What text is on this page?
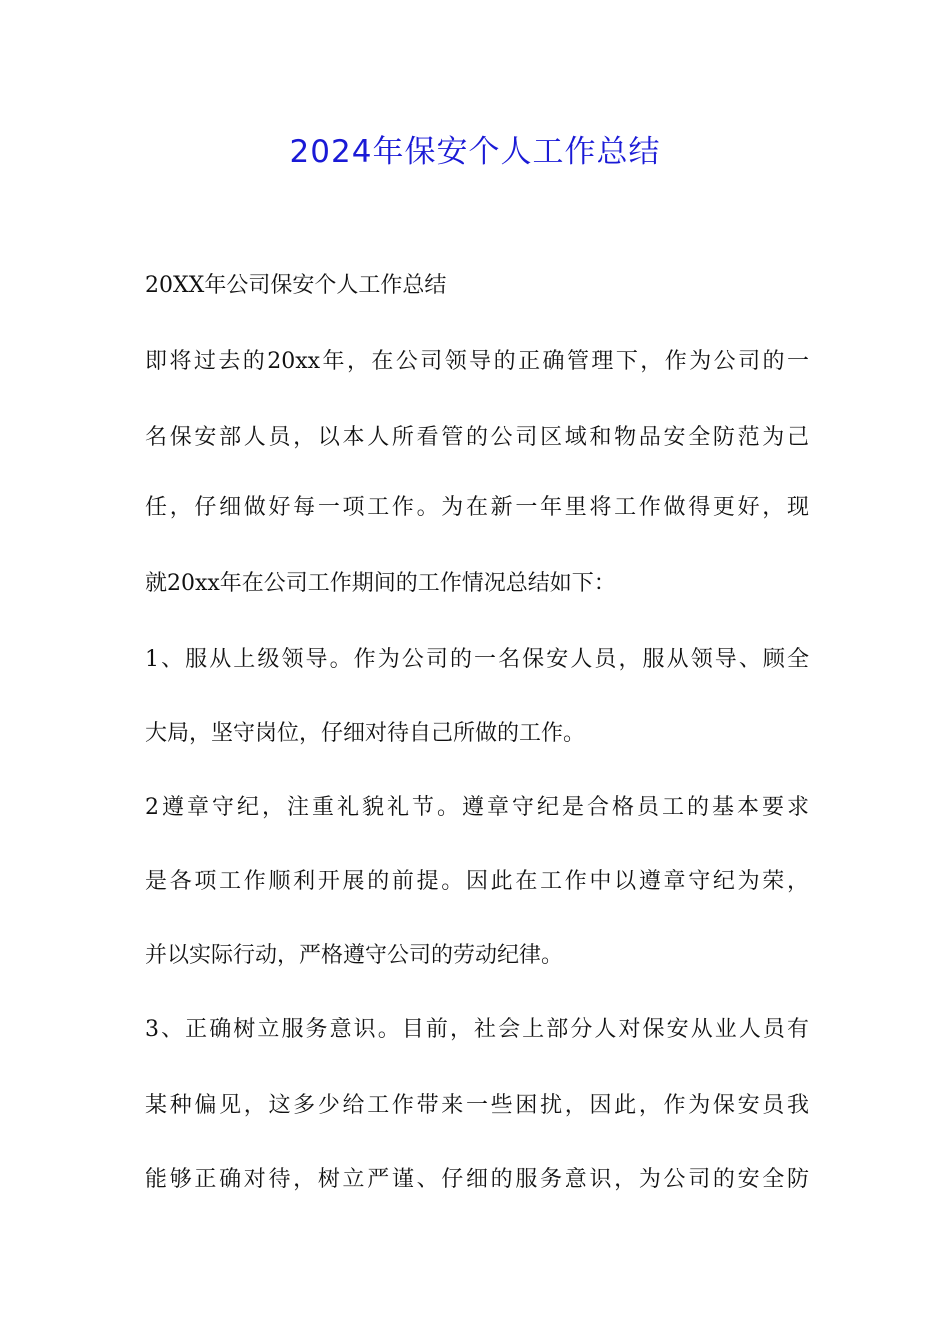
2024年保安个人工作总结
20XX年公司保安个人工作总结
即将过去的20xx年，在公司领导的正确管理下，作为公司的一
名保安部人员，以本人所看管的公司区域和物品安全防范为己
任，仔细做好每一项工作。为在新一年里将工作做得更好，现
就20xx年在公司工作期间的工作情况总结如下：
1、服从上级领导。作为公司的一名保安人员，服从领导、顾全
大局，坚守岗位，仔细对待自己所做的工作。
2遵章守纪，注重礼貌礼节。遵章守纪是合格员工的基本要求
是各项工作顺利开展的前提。因此在工作中以遵章守纪为荣，
并以实际行动，严格遵守公司的劳动纪律。
3、正确树立服务意识。目前，社会上部分人对保安从业人员有
某种偏见，这多少给工作带来一些困扰，因此，作为保安员我
能够正确对待，树立严谨、仔细的服务意识，为公司的安全防
